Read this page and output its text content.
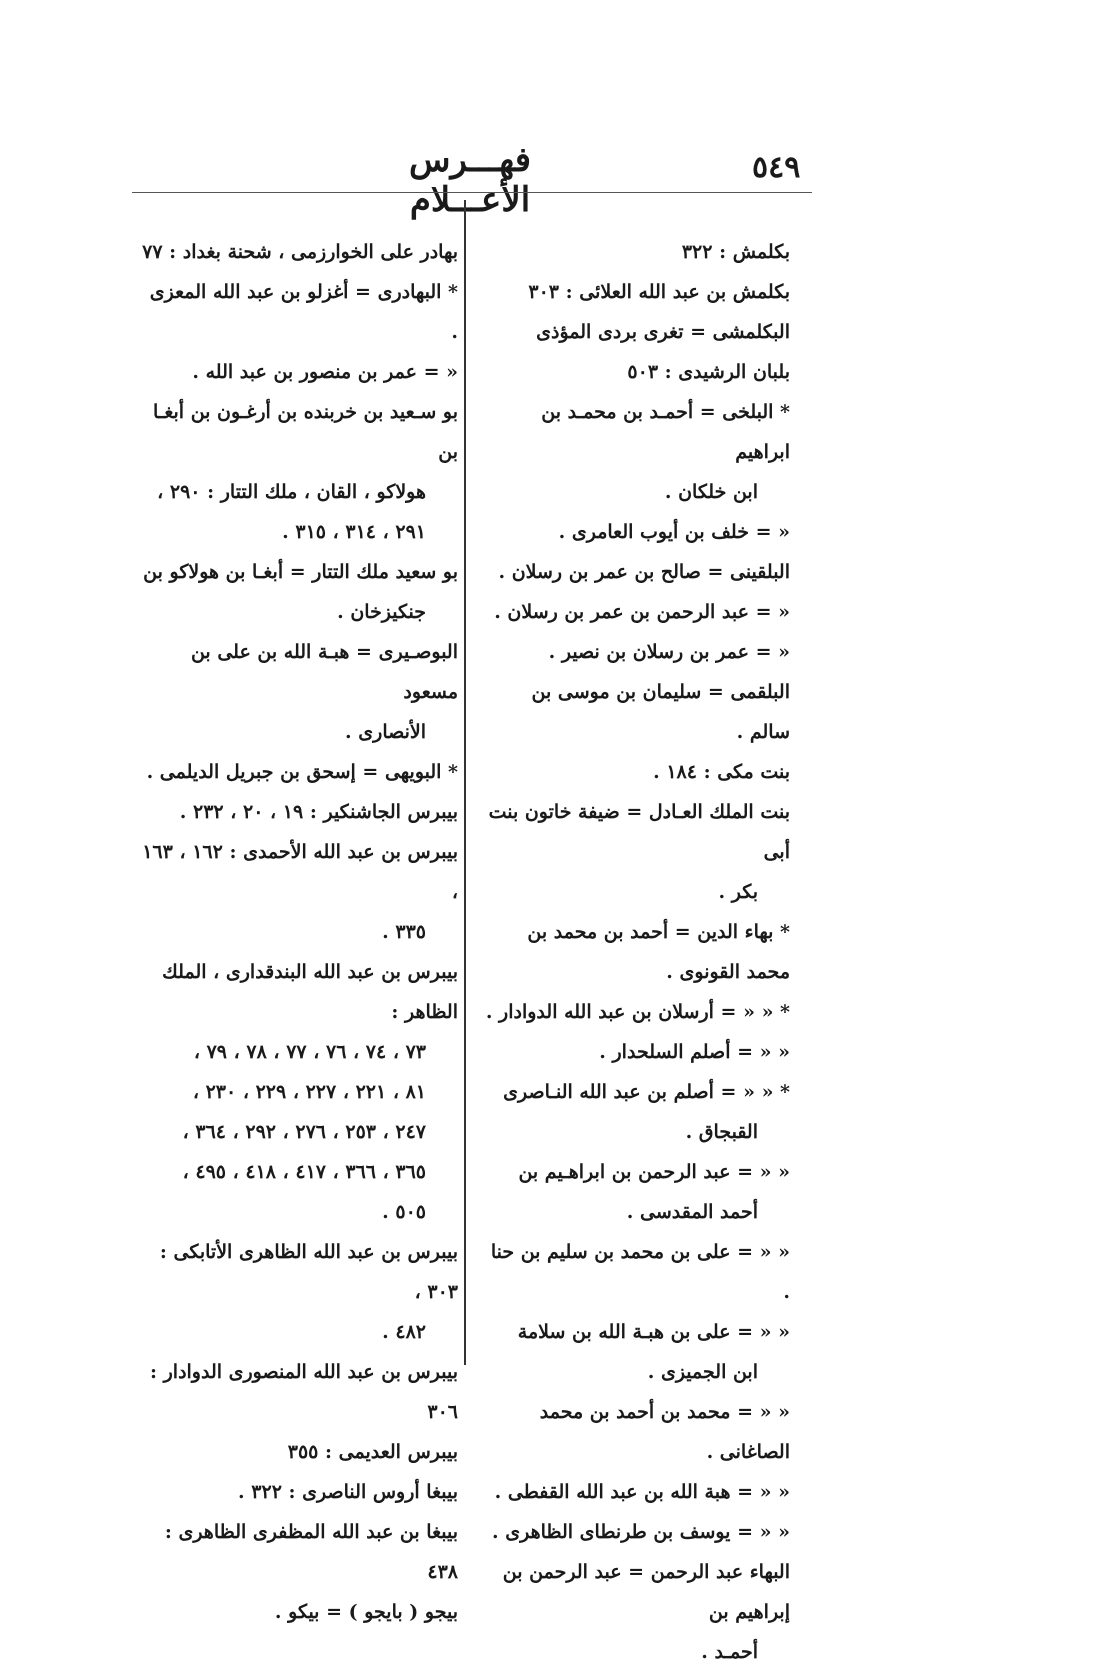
٥٤٩
فهـــرس الأعـــلام
بكلمش : ٣٢٢
بكلمش بن عبد الله العلائى : ٣٠٣
البكلمشى = تغرى بردى المؤذى
بلبان الرشيدى : ٥٠٣
* البلخى = أحمـد بن محمـد بن ابراهيم
ابن خلكان .
« = خلف بن أيوب العامرى .
البلقينى = صالح بن عمر بن رسلان .
« = عبد الرحمن بن عمر بن رسلان .
« = عمر بن رسلان بن نصير .
البلقمى = سليمان بن موسى بن سالم .
بنت مكى : ١٨٤ .
بنت الملك العـادل = ضيفة خاتون بنت أبى
بكر .
* بهاء الدين = أحمد بن محمد بن محمد القونوى .
* « « = أرسلان بن عبد الله الدوادار .
« « = أصلم السلحدار .
* « « = أصلم بن عبد الله النـاصرى
القبجاق .
« « = عبد الرحمن بن ابراهـيم بن
أحمد المقدسى .
« « = على بن محمد بن سليم بن حنا .
« « = على بن هبـة الله بن سلامة
ابن الجميزى .
« « = محمد بن أحمد بن محمد الصاغانى .
« « = هبة الله بن عبد الله القفطى .
« « = يوسف بن طرنطاى الظاهرى .
البهاء عبد الرحمن = عبد الرحمن بن إبراهيم بن
أحمـد .
بهادر على الخوارزمى ، شحنة بغداد : ٧٧
* البهادرى = أغزلو بن عبد الله المعزى .
« = عمر بن منصور بن عبد الله .
بو سـعيد بن خربنده بن أرغـون بن أبغـا بن
هولاكو ، القان ، ملك التتار : ٢٩٠ ،
٢٩١ ، ٣١٤ ، ٣١٥ .
بو سعيد ملك التتار = أبغـا بن هولاكو بن
جنكيزخان .
البوصـيرى = هبـة الله بن على بن مسعود
الأنصارى .
* البويهى = إسحق بن جبريل الديلمى .
بيبرس الجاشنكير : ١٩ ، ٢٠ ، ٢٣٢ .
بيبرس بن عبد الله الأحمدى : ١٦٢ ، ١٦٣ ،
٣٣٥ .
بيبرس بن عبد الله البندقدارى ، الملك الظاهر :
٧٣ ، ٧٤ ، ٧٦ ، ٧٧ ، ٧٨ ، ٧٩ ،
٨١ ، ٢٢١ ، ٢٢٧ ، ٢٢٩ ، ٢٣٠ ،
٢٤٧ ، ٢٥٣ ، ٢٧٦ ، ٢٩٢ ، ٣٦٤ ،
٣٦٥ ، ٣٦٦ ، ٤١٧ ، ٤١٨ ، ٤٩٥ ،
٥٠٥ .
بيبرس بن عبد الله الظاهرى الأتابكى : ٣٠٣ ،
٤٨٢ .
بيبرس بن عبد الله المنصورى الدوادار : ٣٠٦
بيبرس العديمى : ٣٥٥
بيبغا أروس الناصرى : ٣٢٢ .
بيبغا بن عبد الله المظفرى الظاهرى : ٤٣٨
بيجو ( بايجو ) = بيكو .
